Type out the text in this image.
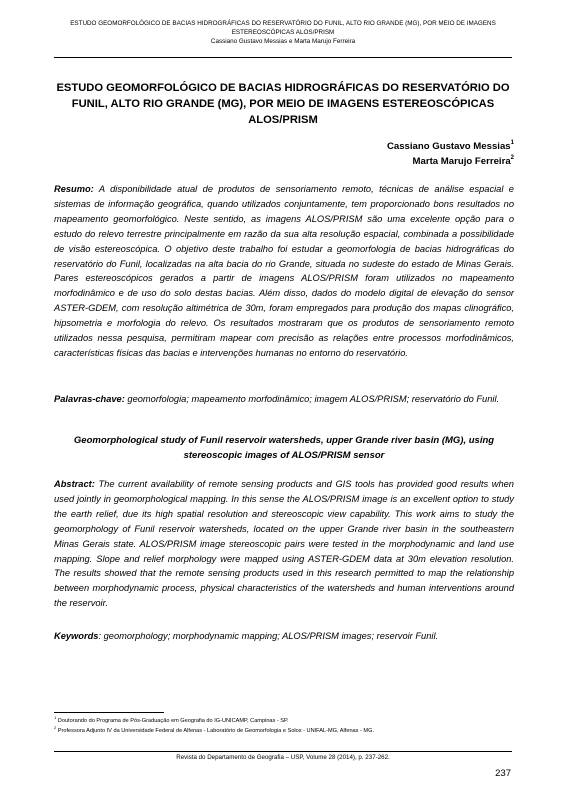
ESTUDO GEOMORFOLÓGICO DE BACIAS HIDROGRÁFICAS DO RESERVATÓRIO DO FUNIL, ALTO RIO GRANDE (MG), POR MEIO DE IMAGENS ESTEREOSCÓPICAS ALOS/PRISM
Cassiano Gustavo Messias e Marta Marujo Ferreira
ESTUDO GEOMORFOLÓGICO DE BACIAS HIDROGRÁFICAS DO RESERVATÓRIO DO FUNIL, ALTO RIO GRANDE (MG), POR MEIO DE IMAGENS ESTEREOSCÓPICAS ALOS/PRISM
Cassiano Gustavo Messias$^1$
Marta Marujo Ferreira$^2$
Resumo: A disponibilidade atual de produtos de sensoriamento remoto, técnicas de análise espacial e sistemas de informação geográfica, quando utilizados conjuntamente, tem proporcionado bons resultados no mapeamento geomorfológico. Neste sentido, as imagens ALOS/PRISM são uma excelente opção para o estudo do relevo terrestre principalmente em razão da sua alta resolução espacial, combinada a possibilidade de visão estereoscópica. O objetivo deste trabalho foi estudar a geomorfologia de bacias hidrográficas do reservatório do Funil, localizadas na alta bacia do rio Grande, situada no sudeste do estado de Minas Gerais. Pares estereoscópicos gerados a partir de imagens ALOS/PRISM foram utilizados no mapeamento morfodinâmico e de uso do solo destas bacias. Além disso, dados do modelo digital de elevação do sensor ASTER-GDEM, com resolução altimétrica de 30m, foram empregados para produção dos mapas clinográfico, hipsometria e morfologia do relevo. Os resultados mostraram que os produtos de sensoriamento remoto utilizados nessa pesquisa, permitiram mapear com precisão as relações entre processos morfodinâmicos, características físicas das bacias e intervenções humanas no entorno do reservatório.
Palavras-chave: geomorfologia; mapeamento morfodinâmico; imagem ALOS/PRISM; reservatório do Funil.
Geomorphological study of Funil reservoir watersheds, upper Grande river basin (MG), using stereoscopic images of ALOS/PRISM sensor
Abstract: The current availability of remote sensing products and GIS tools has provided good results when used jointly in geomorphological mapping. In this sense the ALOS/PRISM image is an excellent option to study the earth relief, due its high spatial resolution and stereoscopic view capability. This work aims to study the geomorphology of Funil reservoir watersheds, located on the upper Grande river basin in the southeastern Minas Gerais state. ALOS/PRISM image stereoscopic pairs were tested in the morphodynamic and land use mapping. Slope and relief morphology were mapped using ASTER-GDEM data at 30m elevation resolution. The results showed that the remote sensing products used in this research permitted to map the relationship between morphodynamic process, physical characteristics of the watersheds and human interventions around the reservoir.
Keywords: geomorphology; morphodynamic mapping; ALOS/PRISM images; reservoir Funil.
$^1$ Doutorando do Programa de Pós-Graduação em Geografia do IG-UNICAMP, Campinas - SP.
$^2$ Professora Adjunto IV da Universidade Federal de Alfenas - Laboratório de Geomorfologia e Solos - UNIFAL-MG, Alfenas - MG.
Revista do Departamento de Geografia – USP, Volume 28 (2014), p. 237-262.
237
